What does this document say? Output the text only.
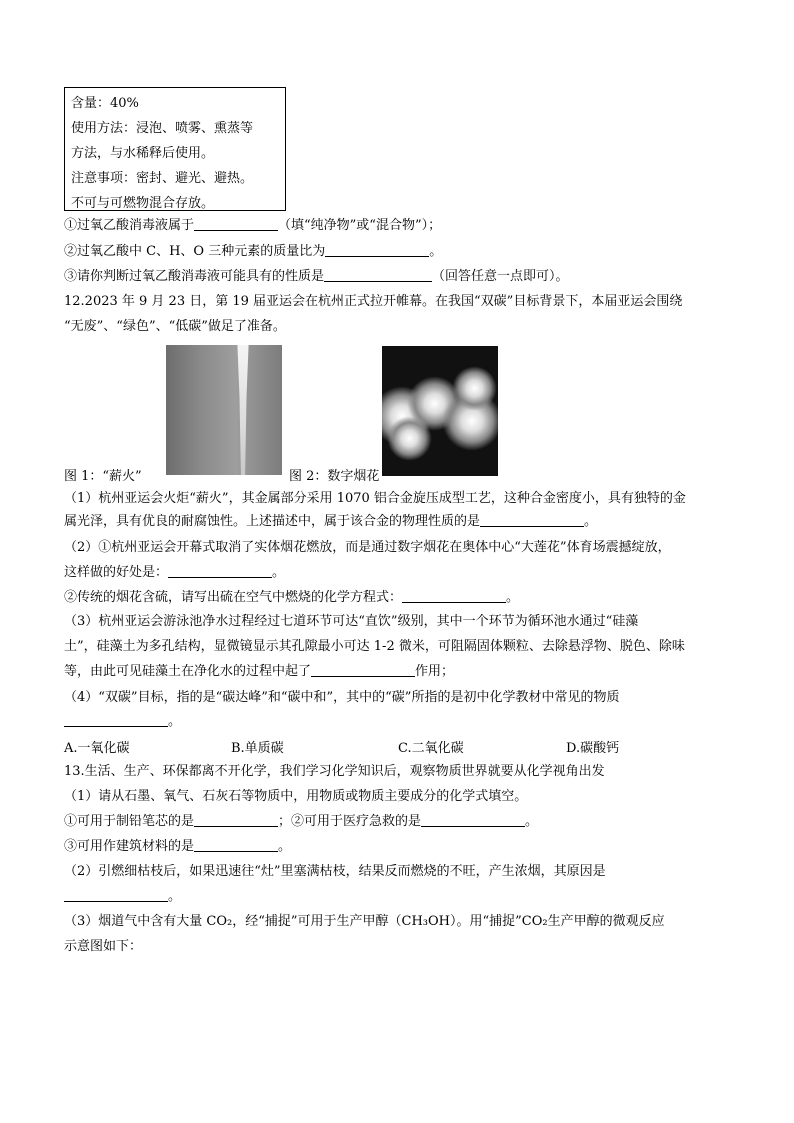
含量：40%
使用方法：浸泡、喷雾、熏蒸等
方法，与水稀释后使用。
注意事项：密封、避光、避热。
不可与可燃物混合存放。
①过氧乙酸消毒液属于	（填“纯净物”或“混合物”）；
②过氧乙酸中 C、H、O 三种元素的质量比为	。
③请你判断过氧乙酸消毒液可能具有的性质是	（回答任意一点即可）。
12.2023 年 9 月 23 日，第 19 届亚运会在杭州正式拉开帷幕。在我国“双碳”目标背景下，本届亚运会围绕
“无废”、“绿色”、“低碳”做足了准备。
图 1：“薪火”	图 2：数字烟花
（1）杭州亚运会火炬“薪火”，其金属部分采用 1070 铝合金旋压成型工艺，这种合金密度小，具有独特的金
属光泽，具有优良的耐腐蚀性。上述描述中，属于该合金的物理性质的是	。
（2）①杭州亚运会开幕式取消了实体烟花燃放，而是通过数字烟花在奥体中心“大莲花”体育场震撼绽放，
这样做的好处是：	。
②传统的烟花含硫，请写出硫在空气中燃烧的化学方程式：	。
（3）杭州亚运会游泳池净水过程经过七道环节可达“直饮”级别，其中一个环节为循环池水通过“硅藻
土”，硅藻土为多孔结构，显微镜显示其孔隙最小可达 1-2 微米，可阻隔固体颗粒、去除悬浮物、脱色、除味
等，由此可见硅藻土在净化水的过程中起了	作用；
（4）“双碳”目标，指的是“碳达峰”和“碳中和”，其中的“碳”所指的是初中化学教材中常见的物质
。
A.一氧化碳	B.单质碳	C.二氧化碳	D.碳酸钙
13.生活、生产、环保都离不开化学，我们学习化学知识后，观察物质世界就要从化学视角出发
（1）请从石墨、氧气、石灰石等物质中，用物质或物质主要成分的化学式填空。
①可用于制铅笔芯的是	；②可用于医疗急救的是	。
③可用作建筑材料的是	。
（2）引燃细枯枝后，如果迅速往“灶”里塞满枯枝，结果反而燃烧的不旺，产生浓烟，其原因是
。
（3）烟道气中含有大量 CO₂，经“捕捉”可用于生产甲醇（CH₃OH）。用“捕捉”CO₂生产甲醇的微观反应
示意图如下：
